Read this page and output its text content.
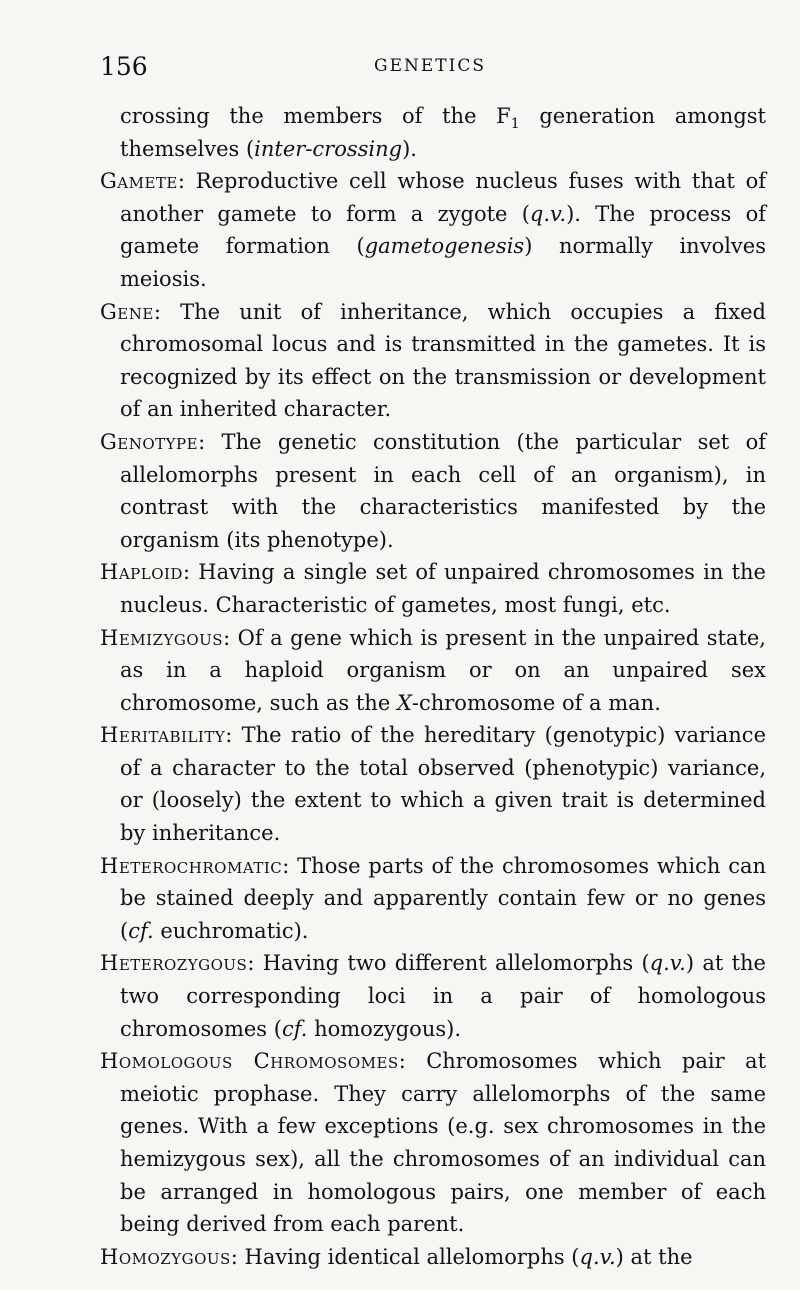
156	GENETICS

crossing the members of the $F_1$ generation amongst themselves (inter-crossing).

Gamete: Reproductive cell whose nucleus fuses with that of another gamete to form a zygote (q.v.). The process of gamete formation (gametogenesis) normally involves meiosis.

Gene: The unit of inheritance, which occupies a fixed chromosomal locus and is transmitted in the gametes. It is recognized by its effect on the transmission or development of an inherited character.

Genotype: The genetic constitution (the particular set of allelomorphs present in each cell of an organism), in contrast with the characteristics manifested by the organism (its phenotype).

Haploid: Having a single set of unpaired chromosomes in the nucleus. Characteristic of gametes, most fungi, etc.

Hemizygous: Of a gene which is present in the unpaired state, as in a haploid organism or on an unpaired sex chromosome, such as the X-chromosome of a man.

Heritability: The ratio of the hereditary (genotypic) variance of a character to the total observed (phenotypic) variance, or (loosely) the extent to which a given trait is determined by inheritance.

Heterochromatic: Those parts of the chromosomes which can be stained deeply and apparently contain few or no genes (cf. euchromatic).

Heterozygous: Having two different allelomorphs (q.v.) at the two corresponding loci in a pair of homologous chromosomes (cf. homozygous).

Homologous Chromosomes: Chromosomes which pair at meiotic prophase. They carry allelomorphs of the same genes. With a few exceptions (e.g. sex chromosomes in the hemizygous sex), all the chromosomes of an individual can be arranged in homologous pairs, one member of each being derived from each parent.

Homozygous: Having identical allelomorphs (q.v.) at the
